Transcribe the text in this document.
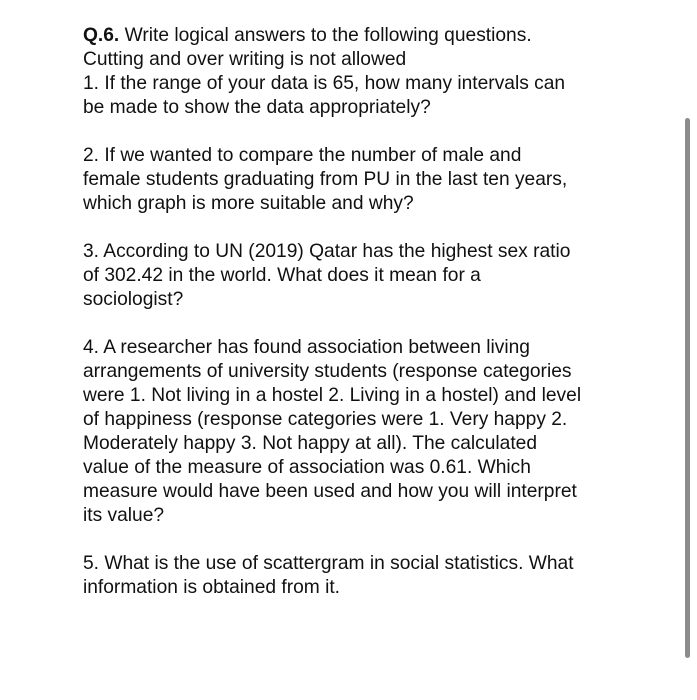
Q.6. Write logical answers to the following questions.
Cutting and over writing is not allowed
1. If the range of your data is 65, how many intervals can
be made to show the data appropriately?
2. If we wanted to compare the number of male and
female students graduating from PU in the last ten years,
which graph is more suitable and why?
3. According to UN (2019) Qatar has the highest sex ratio
of 302.42 in the world. What does it mean for a
sociologist?
4. A researcher has found association between living
arrangements of university students (response categories
were 1. Not living in a hostel 2. Living in a hostel) and level
of happiness (response categories were 1. Very happy 2.
Moderately happy 3. Not happy at all). The calculated
value of the measure of association was 0.61. Which
measure would have been used and how you will interpret
its value?
5. What is the use of scattergram in social statistics. What
information is obtained from it.
